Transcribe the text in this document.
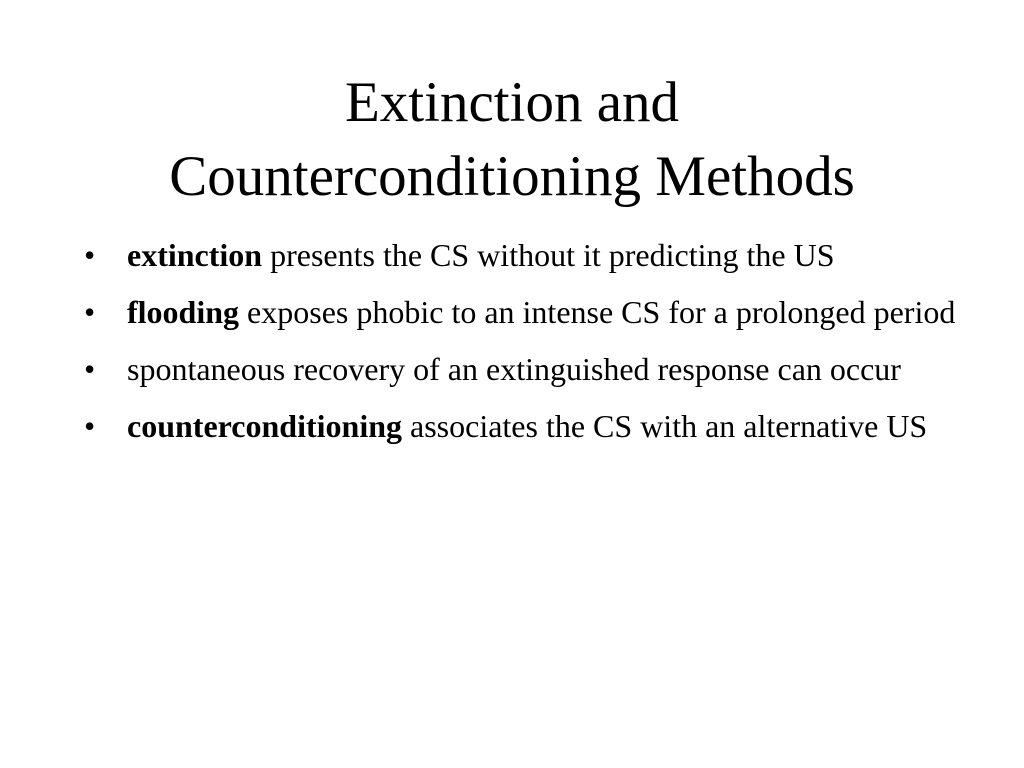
Extinction and
Counterconditioning Methods
• extinction presents the CS without it predicting the US
• flooding exposes phobic to an intense CS for a prolonged period
• spontaneous recovery of an extinguished response can occur
• counterconditioning associates the CS with an alternative US
